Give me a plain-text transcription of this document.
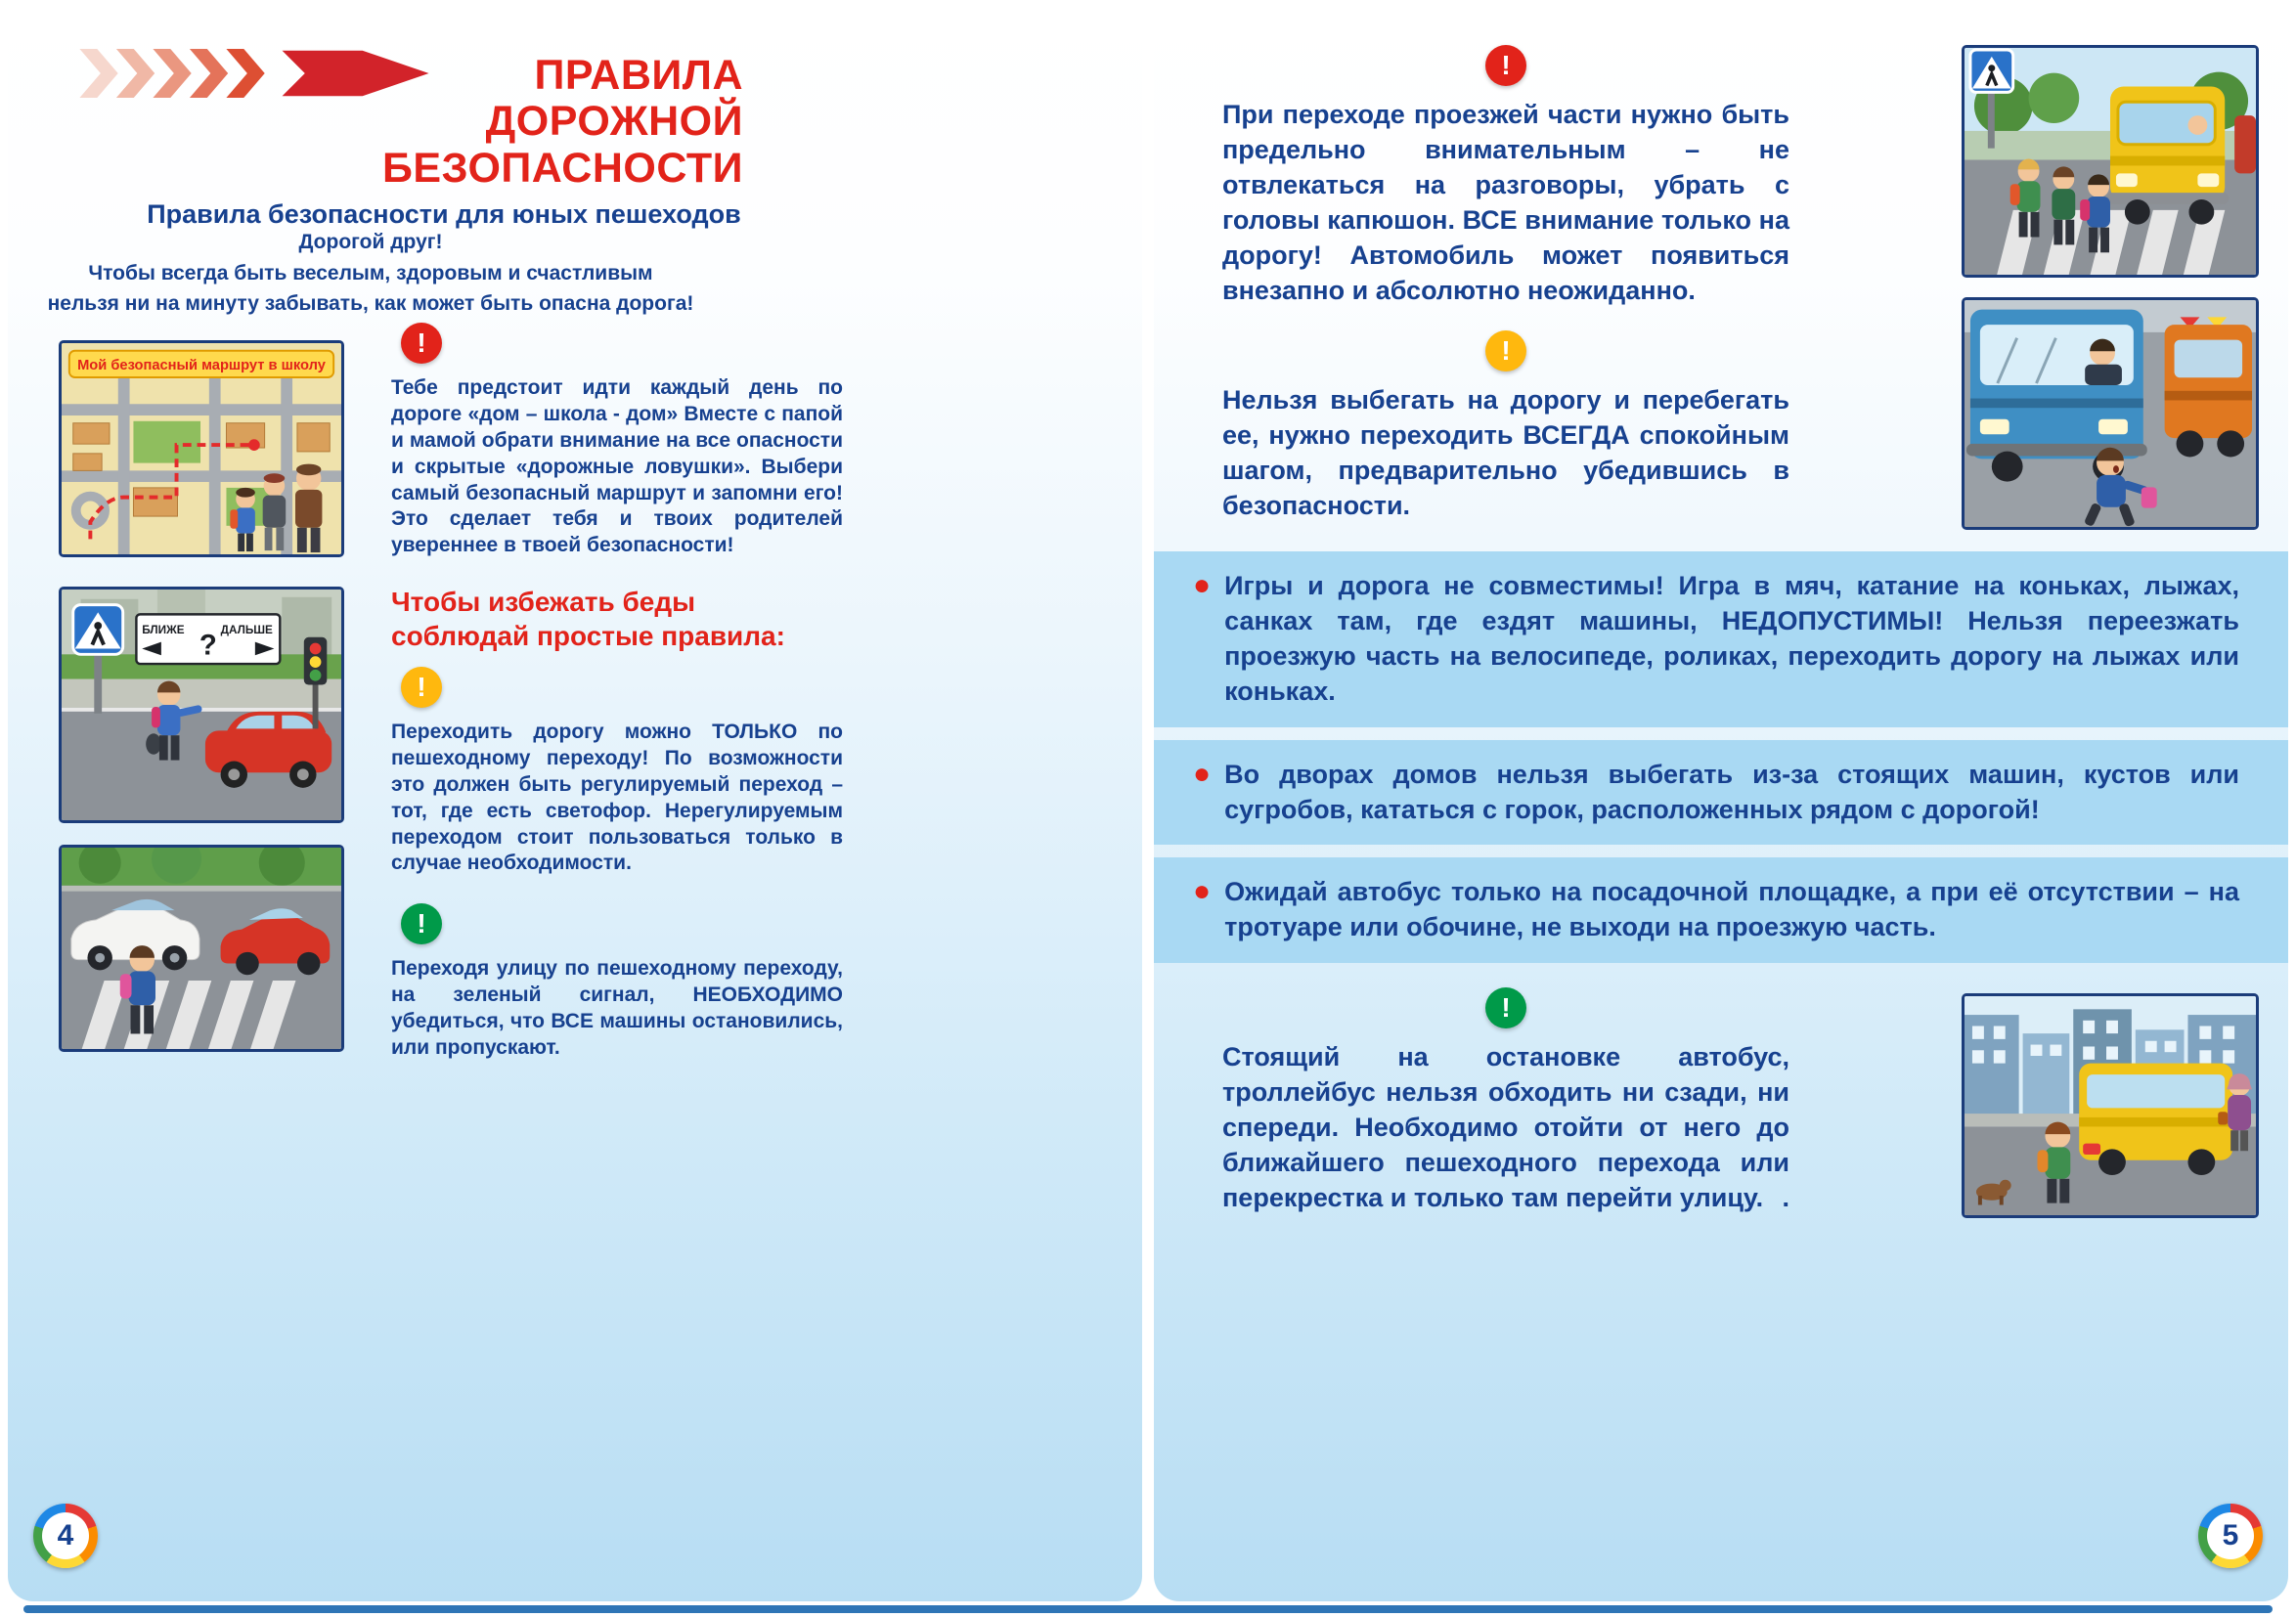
ПРАВИЛА
ДОРОЖНОЙ БЕЗОПАСНОСТИ
Правила безопасности для юных пешеходов
Дорогой друг!
Чтобы всегда быть веселым, здоровым и счастливым
нельзя ни на минуту забывать, как может быть опасна дорога!
Мой безопасный маршрут в школу
БЛИЖЕ ? ДАЛЬШЕ
!
Тебе предстоит идти каждый день по дороге «дом – школа - дом» Вместе с папой и мамой обрати внимание на все опасности и скрытые «дорожные ловушки». Выбери самый безопасный маршрут и запомни его! Это сделает тебя и твоих родителей увереннее в твоей безопасности!
Чтобы избежать беды
соблюдай простые правила:
!
Переходить дорогу можно ТОЛЬКО по пешеходному переходу! По возможности это должен быть регулируемый переход – тот, где есть светофор. Нерегулируемым переходом стоит пользоваться только в случае необходимости.
!
Переходя улицу по пешеходному переходу, на зеленый сигнал, НЕОБХОДИМО убедиться, что ВСЕ машины остановились, или пропускают.
4
!
При переходе проезжей части нужно быть предельно внимательным – не отвлекаться на разговоры, убрать с головы капюшон. ВСЕ внимание только на дорогу! Автомобиль может появиться внезапно и абсолютно неожиданно.
!
Нельзя выбегать на дорогу и перебегать ее, нужно переходить ВСЕГДА спокойным шагом, предварительно убедившись в безопасности.
● Игры и дорога не совместимы! Игра в мяч, катание на коньках, лыжах, санках там, где ездят машины, НЕДОПУСТИМЫ! Нельзя переезжать проезжую часть на велосипеде, роликах, переходить дорогу на лыжах или коньках.
● Во дворах домов нельзя выбегать из-за стоящих машин, кустов или сугробов, кататься с горок, расположенных рядом с дорогой!
● Ожидай автобус только на посадочной площадке, а при её отсутствии – на тротуаре или обочине, не выходи на проезжую часть.
!
Стоящий на остановке автобус, троллейбус нельзя обходить ни сзади, ни спереди. Необходимо отойти от него до ближайшего пешеходного перехода или перекрестка и только там перейти улицу. .
5
